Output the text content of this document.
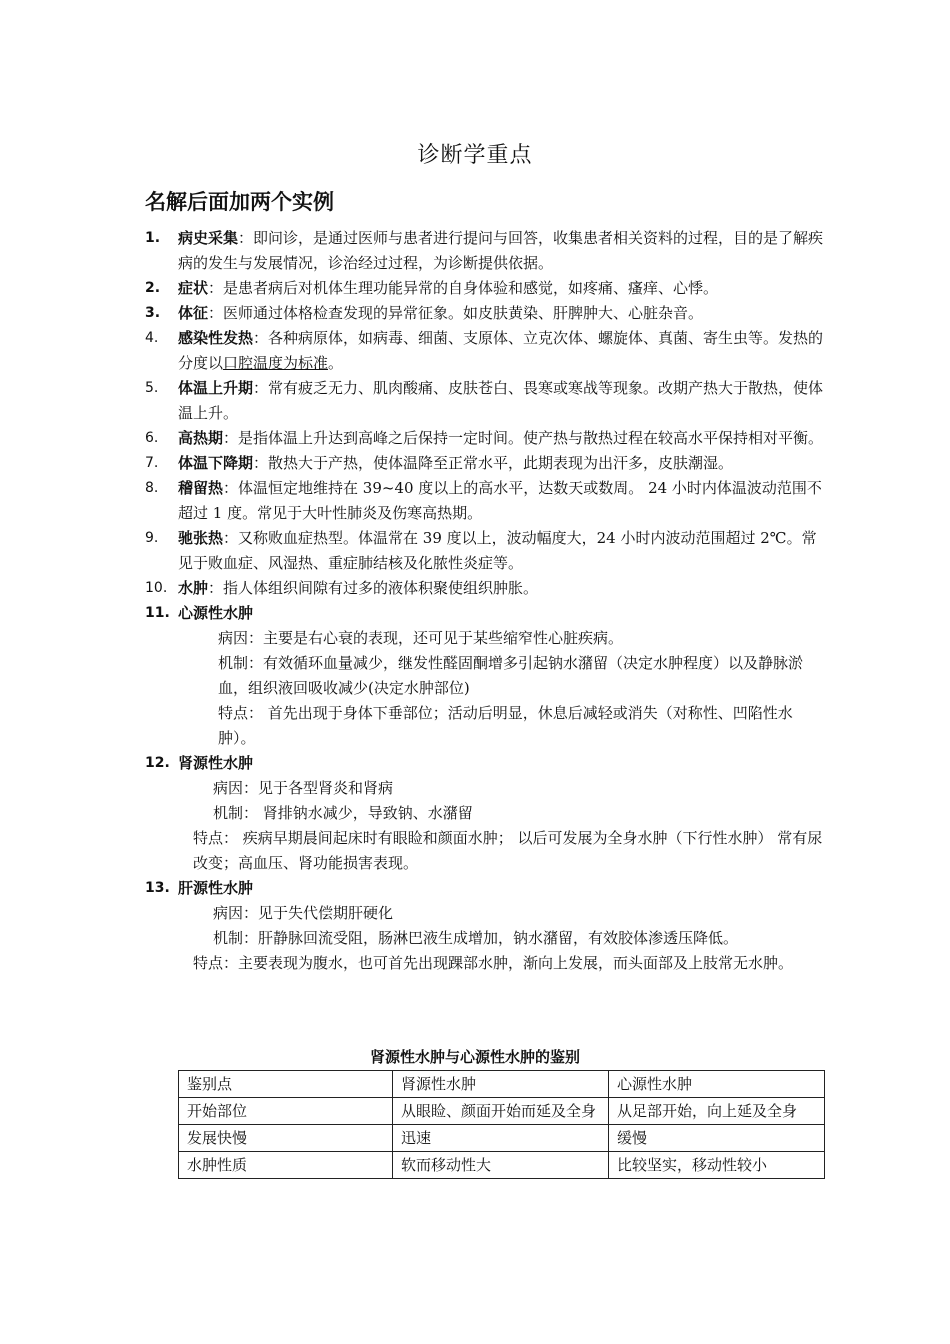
诊断学重点
名解后面加两个实例
1. 病史采集：即问诊，是通过医师与患者进行提问与回答，收集患者相关资料的过程，目的是了解疾病的发生与发展情况，诊治经过过程，为诊断提供依据。
2. 症状：是患者病后对机体生理功能异常的自身体验和感觉，如疼痛、瘙痒、心悸。
3. 体征：医师通过体格检查发现的异常征象。如皮肤黄染、肝脾肿大、心脏杂音。
4. 感染性发热：各种病原体，如病毒、细菌、支原体、立克次体、螺旋体、真菌、寄生虫等。发热的分度以口腔温度为标准。
5. 体温上升期：常有疲乏无力、肌肉酸痛、皮肤苍白、畏寒或寒战等现象。改期产热大于散热，使体温上升。
6. 高热期：是指体温上升达到高峰之后保持一定时间。使产热与散热过程在较高水平保持相对平衡。
7. 体温下降期：散热大于产热，使体温降至正常水平，此期表现为出汗多，皮肤潮湿。
8. 稽留热：体温恒定地维持在 39~40 度以上的高水平，达数天或数周。 24 小时内体温波动范围不超过 1 度。常见于大叶性肺炎及伤寒高热期。
9. 驰张热：又称败血症热型。体温常在 39 度以上，波动幅度大，24 小时内波动范围超过 2℃。常见于败血症、风湿热、重症肺结核及化脓性炎症等。
10. 水肿：指人体组织间隙有过多的液体积聚使组织肿胀。
11. 心源性水肿
病因：主要是右心衰的表现，还可见于某些缩窄性心脏疾病。
机制：有效循环血量减少，继发性醛固酮增多引起钠水潴留（决定水肿程度）以及静脉淤血，组织液回吸收减少(决定水肿部位)
特点： 首先出现于身体下垂部位；活动后明显，休息后减轻或消失（对称性、凹陷性水肿）。
12. 肾源性水肿
病因：见于各型肾炎和肾病
机制： 肾排钠水减少，导致钠、水潴留
特点： 疾病早期晨间起床时有眼睑和颜面水肿； 以后可发展为全身水肿（下行性水肿） 常有尿改变；高血压、肾功能损害表现。
13. 肝源性水肿
病因：见于失代偿期肝硬化
机制：肝静脉回流受阻，肠淋巴液生成增加，钠水潴留，有效胶体渗透压降低。
特点：主要表现为腹水，也可首先出现踝部水肿，渐向上发展，而头面部及上肢常无水肿。
肾源性水肿与心源性水肿的鉴别
鉴别点	肾源性水肿	心源性水肿
开始部位	从眼睑、颜面开始而延及全身	从足部开始，向上延及全身
发展快慢	迅速	缓慢
水肿性质	软而移动性大	比较坚实，移动性较小
